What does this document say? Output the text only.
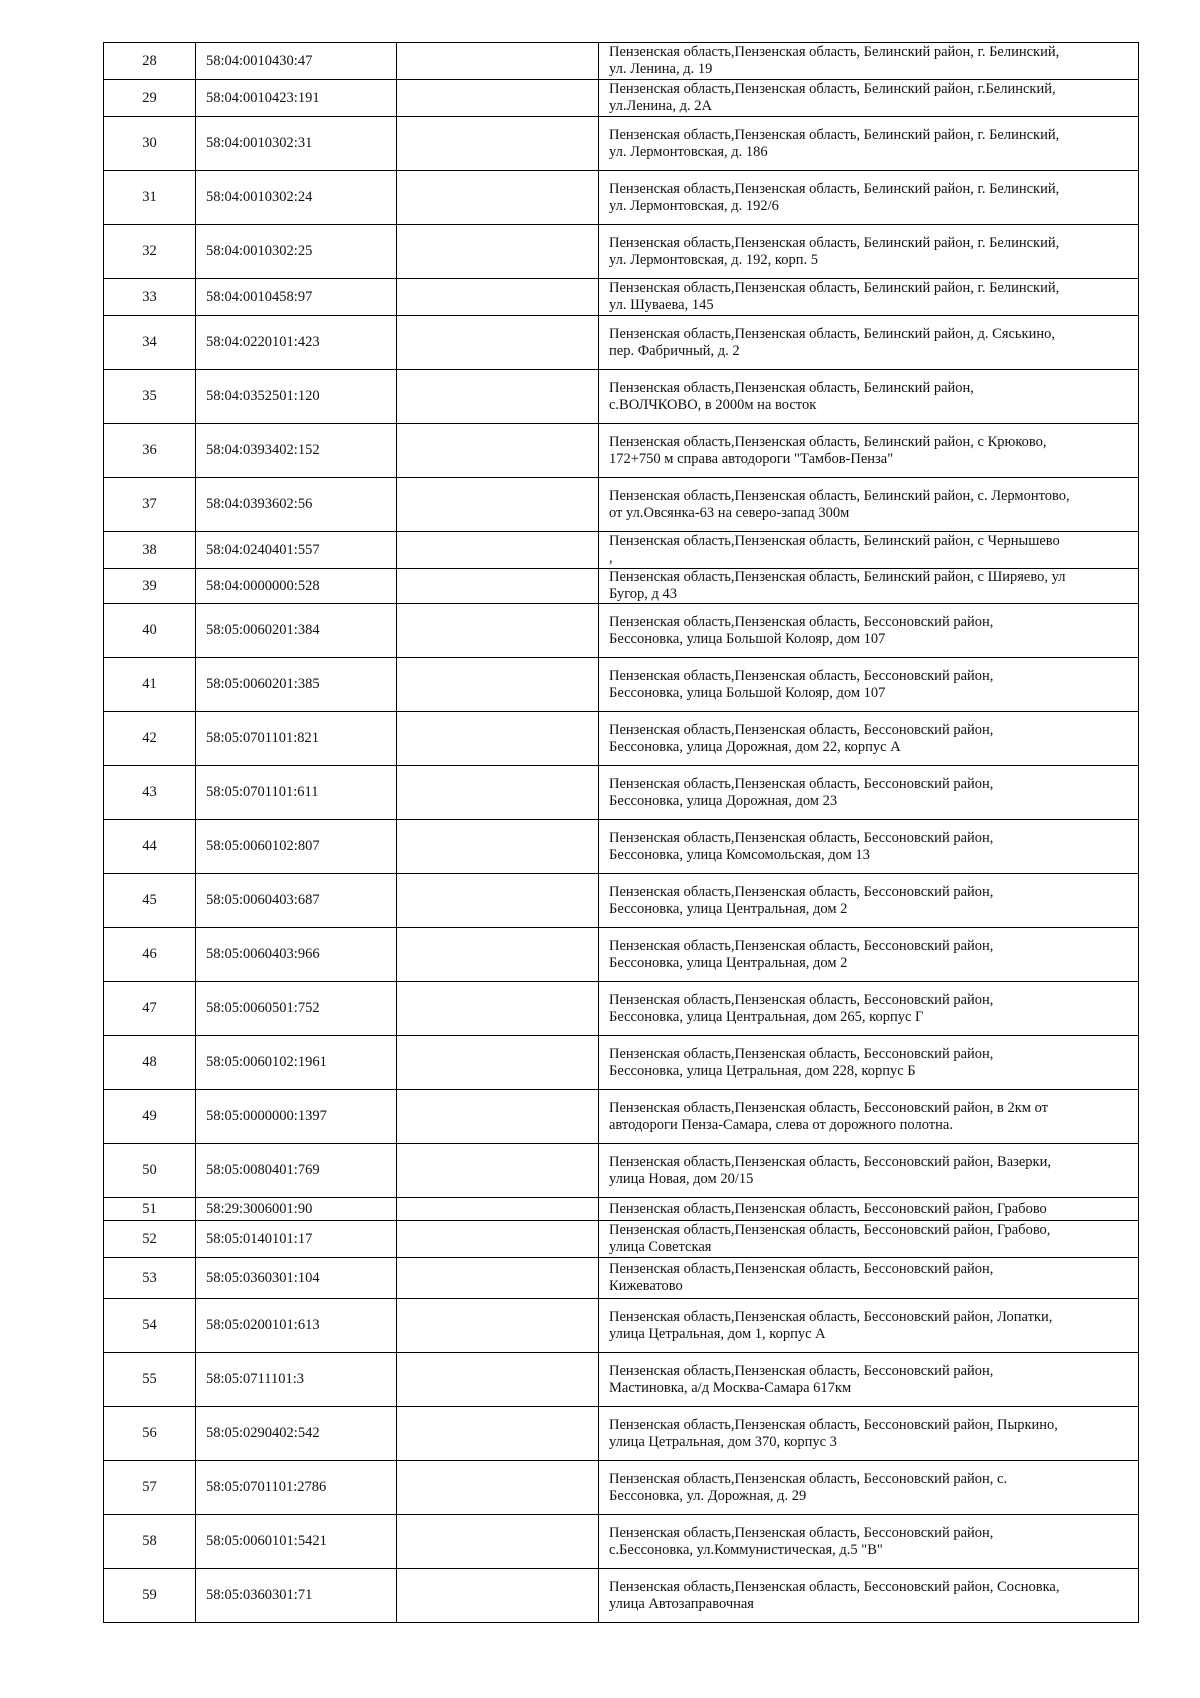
28	58:04:0010430:47		Пензенская область,Пензенская область, Белинский район, г. Белинский,
ул. Ленина, д. 19
29	58:04:0010423:191		Пензенская область,Пензенская область, Белинский район, г.Белинский,
ул.Ленина, д. 2А
30	58:04:0010302:31		Пензенская область,Пензенская область, Белинский район, г. Белинский,
ул. Лермонтовская, д. 186
31	58:04:0010302:24		Пензенская область,Пензенская область, Белинский район, г. Белинский,
ул. Лермонтовская, д. 192/6
32	58:04:0010302:25		Пензенская область,Пензенская область, Белинский район, г. Белинский,
ул. Лермонтовская, д. 192, корп. 5
33	58:04:0010458:97		Пензенская область,Пензенская область, Белинский район, г. Белинский,
ул. Шуваева, 145
34	58:04:0220101:423		Пензенская область,Пензенская область, Белинский район, д. Сяськино,
пер. Фабричный, д. 2
35	58:04:0352501:120		Пензенская область,Пензенская область, Белинский район,
с.ВОЛЧКОВО, в 2000м на восток
36	58:04:0393402:152		Пензенская область,Пензенская область, Белинский район, с Крюково,
172+750 м справа автодороги "Тамбов-Пенза"
37	58:04:0393602:56		Пензенская область,Пензенская область, Белинский район, с. Лермонтово,
от ул.Овсянка-63 на северо-запад 300м
38	58:04:0240401:557		Пензенская область,Пензенская область, Белинский район, с Чернышево
,
39	58:04:0000000:528		Пензенская область,Пензенская область, Белинский район, с Ширяево, ул
Бугор, д 43
40	58:05:0060201:384		Пензенская область,Пензенская область, Бессоновский район,
Бессоновка, улица Большой Колояр, дом 107
41	58:05:0060201:385		Пензенская область,Пензенская область, Бессоновский район,
Бессоновка, улица Большой Колояр, дом 107
42	58:05:0701101:821		Пензенская область,Пензенская область, Бессоновский район,
Бессоновка, улица Дорожная, дом 22, корпус А
43	58:05:0701101:611		Пензенская область,Пензенская область, Бессоновский район,
Бессоновка, улица Дорожная, дом 23
44	58:05:0060102:807		Пензенская область,Пензенская область, Бессоновский район,
Бессоновка, улица Комсомольская, дом 13
45	58:05:0060403:687		Пензенская область,Пензенская область, Бессоновский район,
Бессоновка, улица Центральная, дом 2
46	58:05:0060403:966		Пензенская область,Пензенская область, Бессоновский район,
Бессоновка, улица Центральная, дом 2
47	58:05:0060501:752		Пензенская область,Пензенская область, Бессоновский район,
Бессоновка, улица Центральная, дом 265, корпус Г
48	58:05:0060102:1961		Пензенская область,Пензенская область, Бессоновский район,
Бессоновка, улица Цетральная, дом 228, корпус Б
49	58:05:0000000:1397		Пензенская область,Пензенская область, Бессоновский район, в 2км от
автодороги Пенза-Самара, слева от дорожного полотна.
50	58:05:0080401:769		Пензенская область,Пензенская область, Бессоновский район, Вазерки,
улица Новая, дом 20/15
51	58:29:3006001:90		Пензенская область,Пензенская область, Бессоновский район, Грабово
52	58:05:0140101:17		Пензенская область,Пензенская область, Бессоновский район, Грабово,
улица Советская
53	58:05:0360301:104		Пензенская область,Пензенская область, Бессоновский район,
Кижеватово
54	58:05:0200101:613		Пензенская область,Пензенская область, Бессоновский район, Лопатки,
улица Цетральная, дом 1, корпус А
55	58:05:0711101:3		Пензенская область,Пензенская область, Бессоновский район,
Мастиновка, а/д Москва-Самара 617км
56	58:05:0290402:542		Пензенская область,Пензенская область, Бессоновский район, Пыркино,
улица Цетральная, дом 370, корпус 3
57	58:05:0701101:2786		Пензенская область,Пензенская область, Бессоновский район, с.
Бессоновка, ул. Дорожная, д. 29
58	58:05:0060101:5421		Пензенская область,Пензенская область, Бессоновский район,
с.Бессоновка, ул.Коммунистическая, д.5 "В"
59	58:05:0360301:71		Пензенская область,Пензенская область, Бессоновский район, Сосновка,
улица Автозаправочная
